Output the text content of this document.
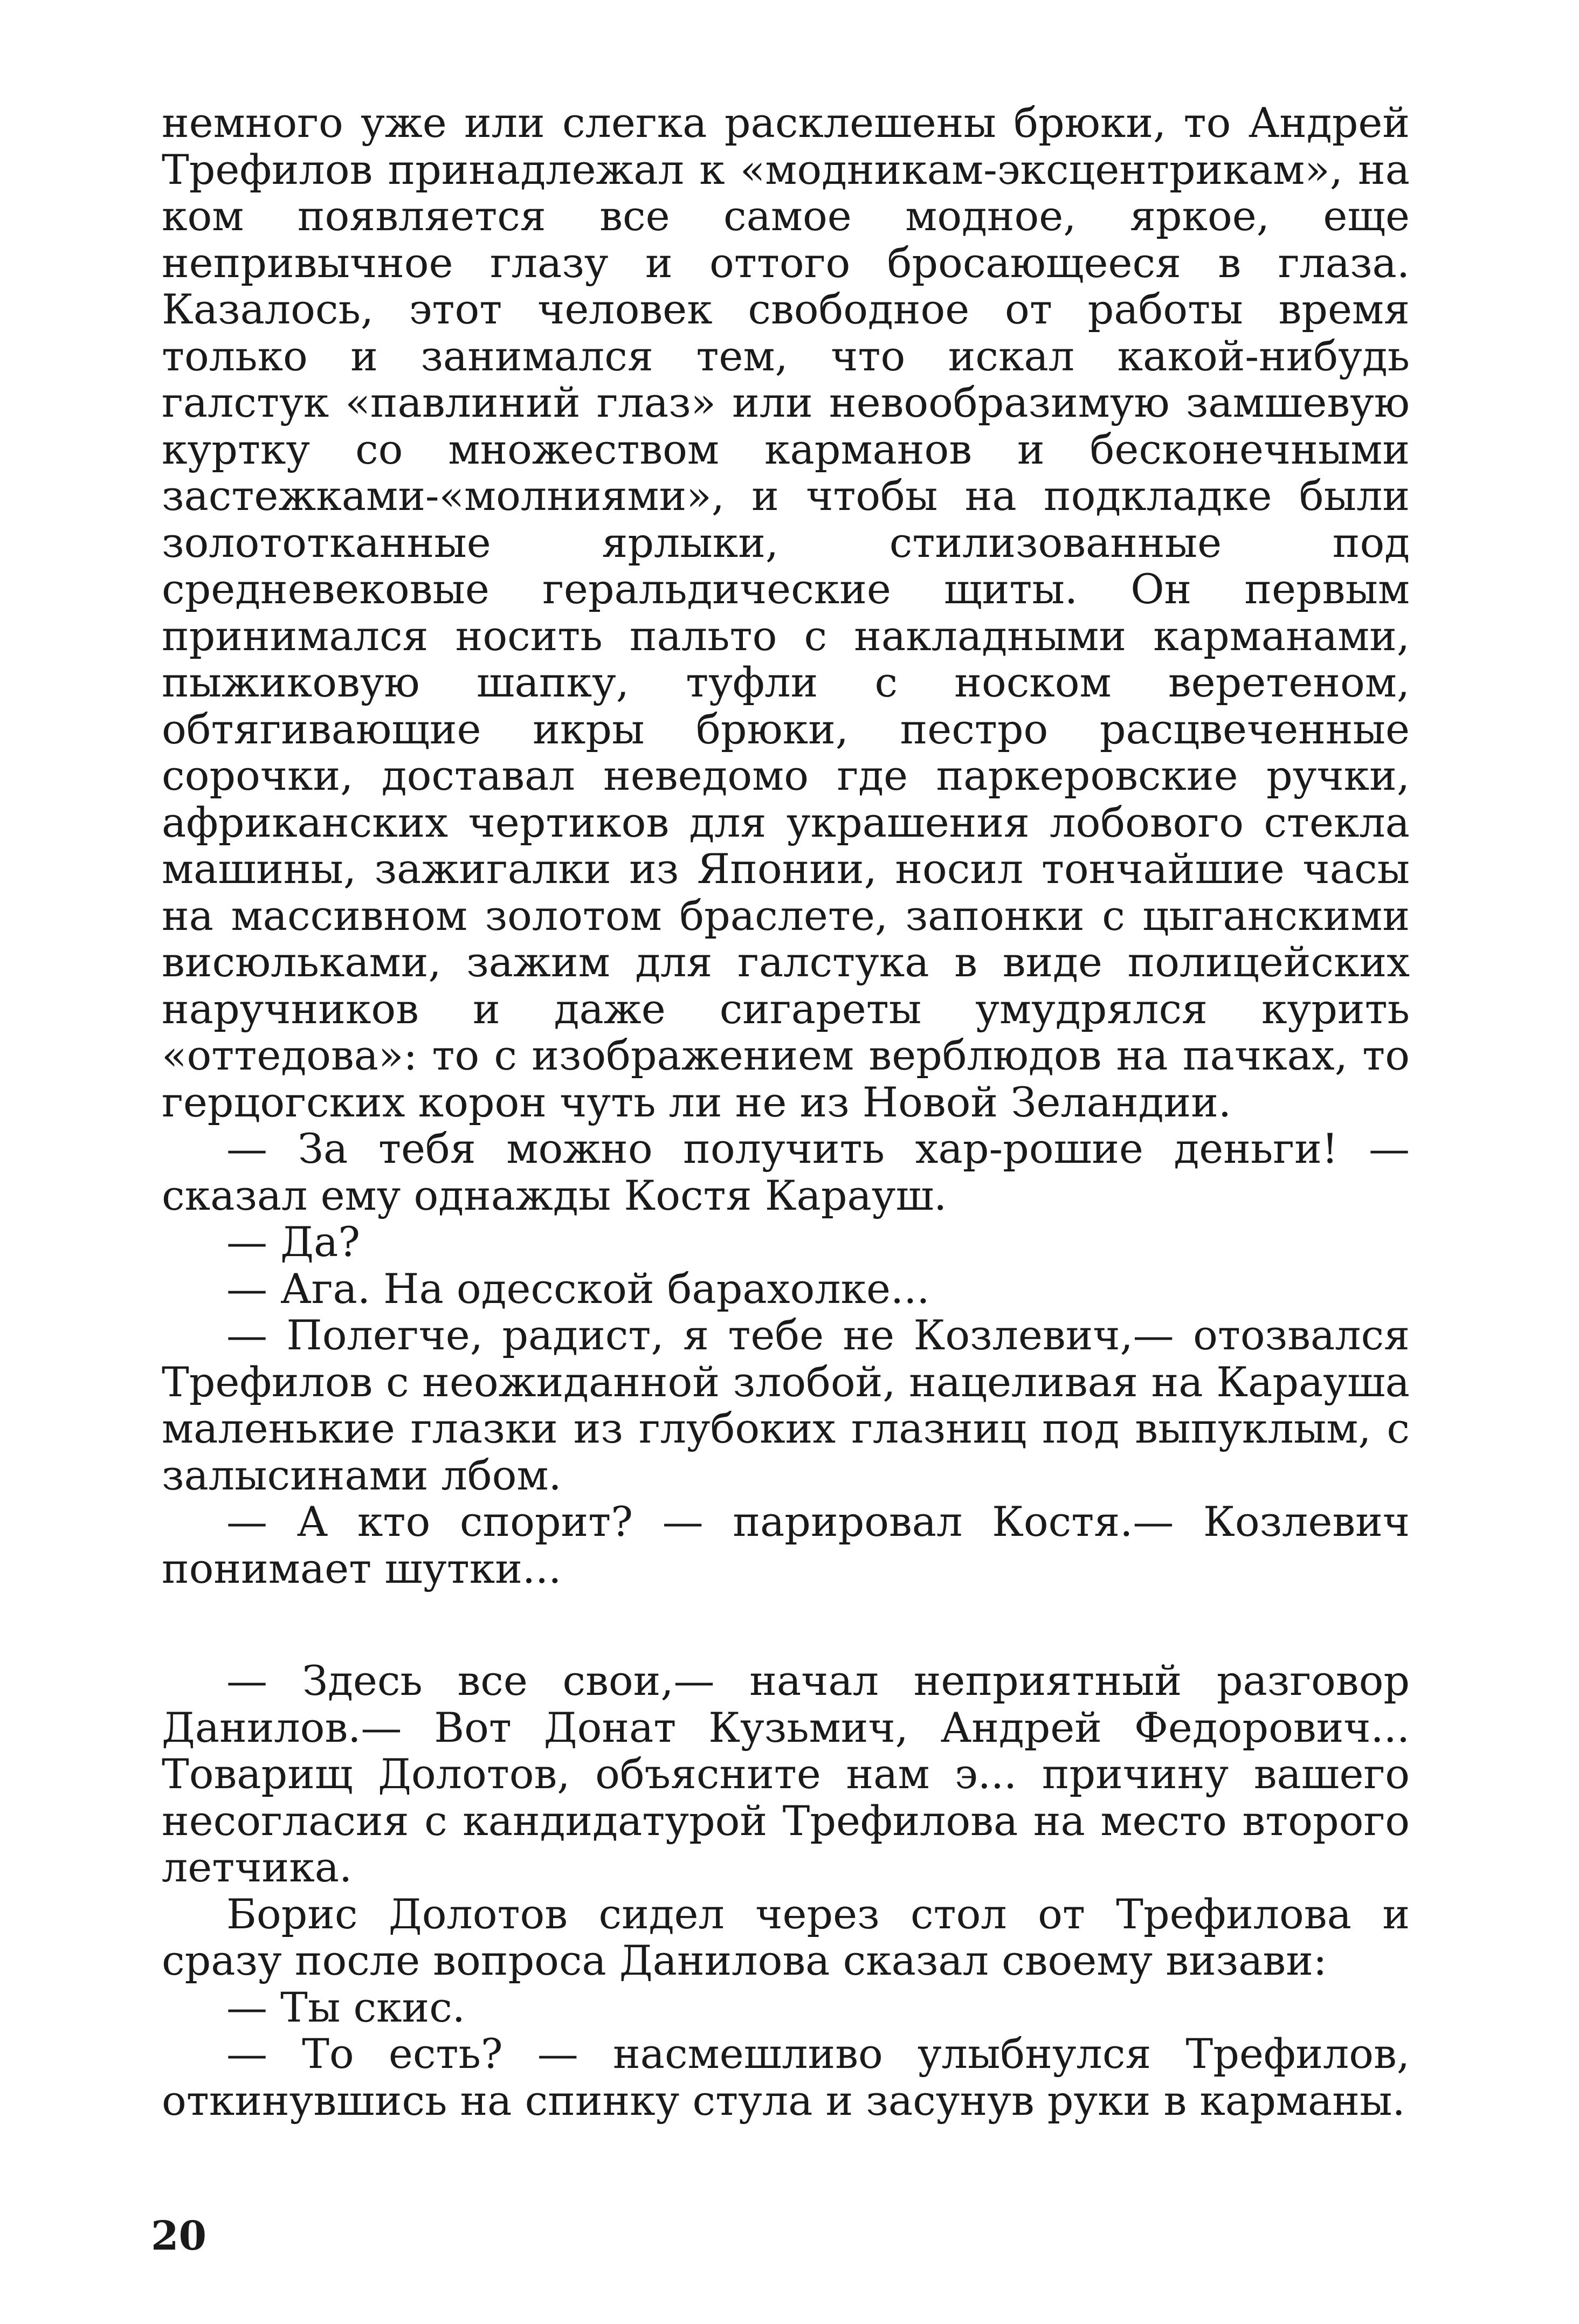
немного уже или слегка расклешены брюки, то Андрей Трефилов принадлежал к «модникам-эксцентрикам», на ком появляется все самое модное, яркое, еще непривычное глазу и оттого бросающееся в глаза. Казалось, этот человек свободное от работы время только и занимался тем, что искал какой-нибудь галстук «павлиний глаз» или невообразимую замшевую куртку со множеством карманов и бесконечными застежками-«молниями», и чтобы на подкладке были золототканные ярлыки, стилизованные под средневековые геральдические щиты. Он первым принимался носить пальто с накладными карманами, пыжиковую шапку, туфли с носком веретеном, обтягивающие икры брюки, пестро расцвеченные сорочки, доставал неведомо где паркеровские ручки, африканских чертиков для украшения лобового стекла машины, зажигалки из Японии, носил тончайшие часы на массивном золотом браслете, запонки с цыганскими висюльками, зажим для галстука в виде полицейских наручников и даже сигареты умудрялся курить «оттедова»: то с изображением верблюдов на пачках, то герцогских корон чуть ли не из Новой Зеландии.

— За тебя можно получить хар-рошие деньги! — сказал ему однажды Костя Карауш.

— Да?

— Ага. На одесской барахолке...

— Полегче, радист, я тебе не Козлевич,— отозвался Трефилов с неожиданной злобой, нацеливая на Карауша маленькие глазки из глубоких глазниц под выпуклым, с залысинами лбом.

— А кто спорит? — парировал Костя.— Козлевич понимает шутки...

— Здесь все свои,— начал неприятный разговор Данилов.— Вот Донат Кузьмич, Андрей Федорович... Товарищ Долотов, объясните нам э... причину вашего несогласия с кандидатурой Трефилова на место второго летчика.

Борис Долотов сидел через стол от Трефилова и сразу после вопроса Данилова сказал своему визави:

— Ты скис.

— То есть? — насмешливо улыбнулся Трефилов, откинувшись на спинку стула и засунув руки в карманы.

20
